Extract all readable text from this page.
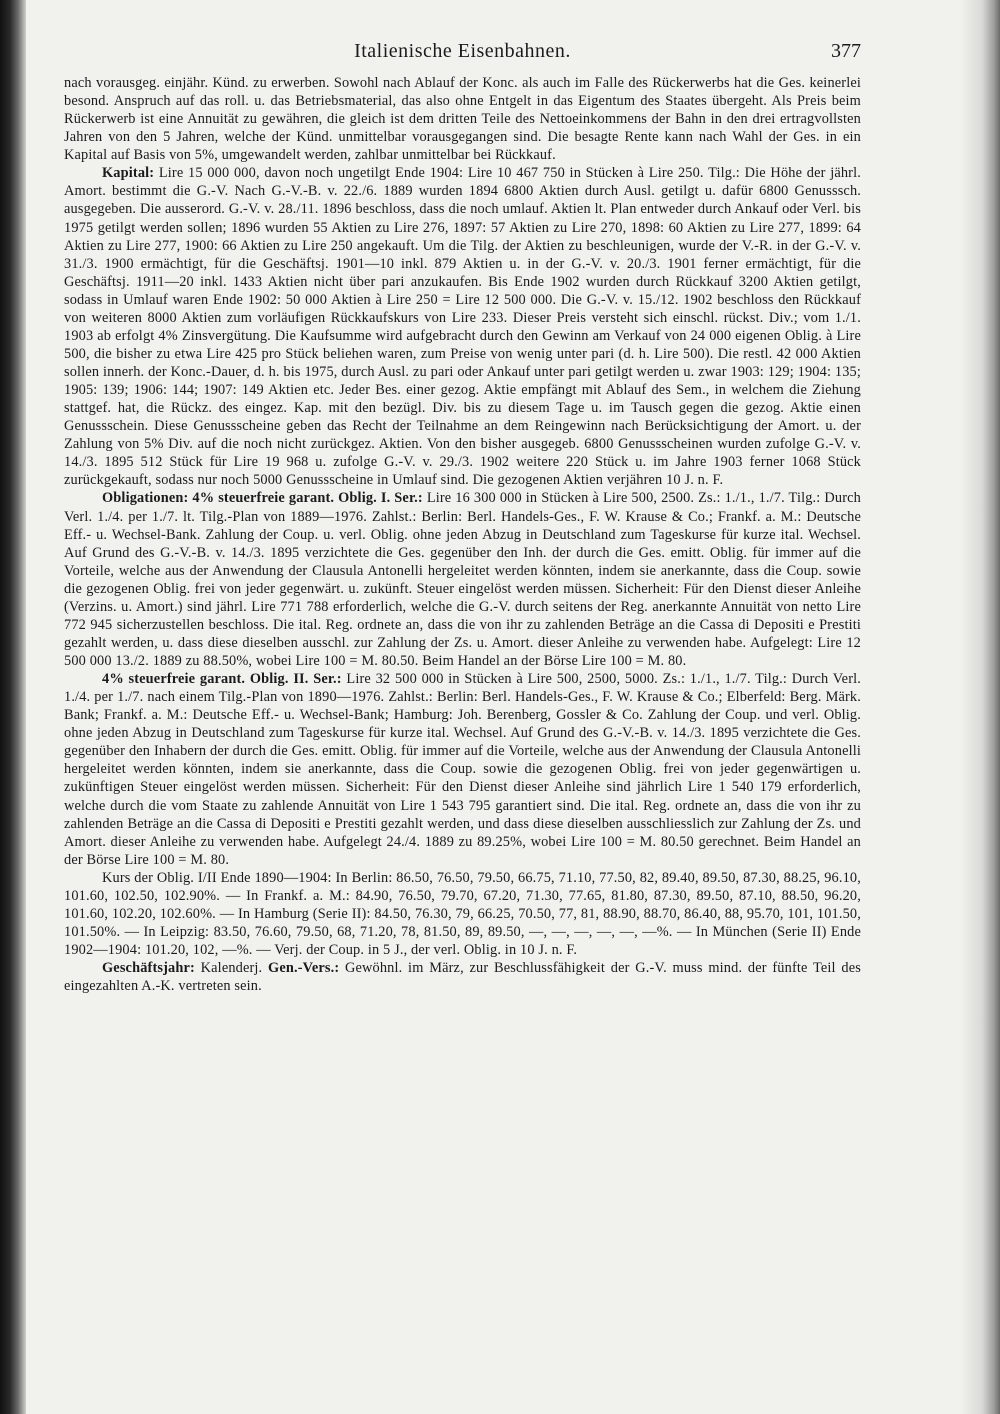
Italienische Eisenbahnen.	377

nach vorausgeg. einjähr. Künd. zu erwerben. Sowohl nach Ablauf der Konc. als auch im Falle des Rückerwerbs hat die Ges. keinerlei besond. Anspruch auf das roll. u. das Betriebsmaterial, das also ohne Entgelt in das Eigentum des Staates übergeht. Als Preis beim Rückerwerb ist eine Annuität zu gewähren, die gleich ist dem dritten Teile des Nettoeinkommens der Bahn in den drei ertragvollsten Jahren von den 5 Jahren, welche der Künd. unmittelbar vorausgegangen sind. Die besagte Rente kann nach Wahl der Ges. in ein Kapital auf Basis von 5%, umgewandelt werden, zahlbar unmittelbar bei Rückkauf.

Kapital: Lire 15 000 000, davon noch ungetilgt Ende 1904: Lire 10 467 750 in Stücken à Lire 250. Tilg.: Die Höhe der jährl. Amort. bestimmt die G.-V. Nach G.-V.-B. v. 22./6. 1889 wurden 1894 6800 Aktien durch Ausl. getilgt u. dafür 6800 Genusssch. ausgegeben. Die ausserord. G.-V. v. 28./11. 1896 beschloss, dass die noch umlauf. Aktien lt. Plan entweder durch Ankauf oder Verl. bis 1975 getilgt werden sollen; 1896 wurden 55 Aktien zu Lire 276, 1897: 57 Aktien zu Lire 270, 1898: 60 Aktien zu Lire 277, 1899: 64 Aktien zu Lire 277, 1900: 66 Aktien zu Lire 250 angekauft. Um die Tilg. der Aktien zu beschleunigen, wurde der V.-R. in der G.-V. v. 31./3. 1900 ermächtigt, für die Geschäftsj. 1901—10 inkl. 879 Aktien u. in der G.-V. v. 20./3. 1901 ferner ermächtigt, für die Geschäftsj. 1911—20 inkl. 1433 Aktien nicht über pari anzukaufen. Bis Ende 1902 wurden durch Rückkauf 3200 Aktien getilgt, sodass in Umlauf waren Ende 1902: 50 000 Aktien à Lire 250 = Lire 12 500 000. Die G.-V. v. 15./12. 1902 beschloss den Rückkauf von weiteren 8000 Aktien zum vorläufigen Rückkaufskurs von Lire 233. Dieser Preis versteht sich einschl. rückst. Div.; vom 1./1. 1903 ab erfolgt 4% Zinsvergütung. Die Kaufsumme wird aufgebracht durch den Gewinn am Verkauf von 24 000 eigenen Oblig. à Lire 500, die bisher zu etwa Lire 425 pro Stück beliehen waren, zum Preise von wenig unter pari (d. h. Lire 500). Die restl. 42 000 Aktien sollen innerh. der Konc.-Dauer, d. h. bis 1975, durch Ausl. zu pari oder Ankauf unter pari getilgt werden u. zwar 1903: 129; 1904: 135; 1905: 139; 1906: 144; 1907: 149 Aktien etc. Jeder Bes. einer gezog. Aktie empfängt mit Ablauf des Sem., in welchem die Ziehung stattgef. hat, die Rückz. des eingez. Kap. mit den bezügl. Div. bis zu diesem Tage u. im Tausch gegen die gezog. Aktie einen Genussschein. Diese Genussscheine geben das Recht der Teilnahme an dem Reingewinn nach Berücksichtigung der Amort. u. der Zahlung von 5% Div. auf die noch nicht zurückgez. Aktien. Von den bisher ausgegeb. 6800 Genussscheinen wurden zufolge G.-V. v. 14./3. 1895 512 Stück für Lire 19 968 u. zufolge G.-V. v. 29./3. 1902 weitere 220 Stück u. im Jahre 1903 ferner 1068 Stück zurückgekauft, sodass nur noch 5000 Genussscheine in Umlauf sind. Die gezogenen Aktien verjähren 10 J. n. F.

Obligationen: 4% steuerfreie garant. Oblig. I. Ser.: Lire 16 300 000 in Stücken à Lire 500, 2500. Zs.: 1./1., 1./7. Tilg.: Durch Verl. 1./4. per 1./7. lt. Tilg.-Plan von 1889—1976. Zahlst.: Berlin: Berl. Handels-Ges., F. W. Krause & Co.; Frankf. a. M.: Deutsche Eff.- u. Wechsel-Bank. Zahlung der Coup. u. verl. Oblig. ohne jeden Abzug in Deutschland zum Tageskurse für kurze ital. Wechsel. Auf Grund des G.-V.-B. v. 14./3. 1895 verzichtete die Ges. gegenüber den Inh. der durch die Ges. emitt. Oblig. für immer auf die Vorteile, welche aus der Anwendung der Clausula Antonelli hergeleitet werden könnten, indem sie anerkannte, dass die Coup. sowie die gezogenen Oblig. frei von jeder gegenwärt. u. zukünft. Steuer eingelöst werden müssen. Sicherheit: Für den Dienst dieser Anleihe (Verzins. u. Amort.) sind jährl. Lire 771 788 erforderlich, welche die G.-V. durch seitens der Reg. anerkannte Annuität von netto Lire 772 945 sicherzustellen beschloss. Die ital. Reg. ordnete an, dass die von ihr zu zahlenden Beträge an die Cassa di Depositi e Prestiti gezahlt werden, u. dass diese dieselben ausschl. zur Zahlung der Zs. u. Amort. dieser Anleihe zu verwenden habe. Aufgelegt: Lire 12 500 000 13./2. 1889 zu 88.50%, wobei Lire 100 = M. 80.50. Beim Handel an der Börse Lire 100 = M. 80.

4% steuerfreie garant. Oblig. II. Ser.: Lire 32 500 000 in Stücken à Lire 500, 2500, 5000. Zs.: 1./1., 1./7. Tilg.: Durch Verl. 1./4. per 1./7. nach einem Tilg.-Plan von 1890—1976. Zahlst.: Berlin: Berl. Handels-Ges., F. W. Krause & Co.; Elberfeld: Berg. Märk. Bank; Frankf. a. M.: Deutsche Eff.- u. Wechsel-Bank; Hamburg: Joh. Berenberg, Gossler & Co. Zahlung der Coup. und verl. Oblig. ohne jeden Abzug in Deutschland zum Tageskurse für kurze ital. Wechsel. Auf Grund des G.-V.-B. v. 14./3. 1895 verzichtete die Ges. gegenüber den Inhabern der durch die Ges. emitt. Oblig. für immer auf die Vorteile, welche aus der Anwendung der Clausula Antonelli hergeleitet werden könnten, indem sie anerkannte, dass die Coup. sowie die gezogenen Oblig. frei von jeder gegenwärtigen u. zukünftigen Steuer eingelöst werden müssen. Sicherheit: Für den Dienst dieser Anleihe sind jährlich Lire 1 540 179 erforderlich, welche durch die vom Staate zu zahlende Annuität von Lire 1 543 795 garantiert sind. Die ital. Reg. ordnete an, dass die von ihr zu zahlenden Beträge an die Cassa di Depositi e Prestiti gezahlt werden, und dass diese dieselben ausschliesslich zur Zahlung der Zs. und Amort. dieser Anleihe zu verwenden habe. Aufgelegt 24./4. 1889 zu 89.25%, wobei Lire 100 = M. 80.50 gerechnet. Beim Handel an der Börse Lire 100 = M. 80.

Kurs der Oblig. I/II Ende 1890—1904: In Berlin: 86.50, 76.50, 79.50, 66.75, 71.10, 77.50, 82, 89.40, 89.50, 87.30, 88.25, 96.10, 101.60, 102.50, 102.90%. — In Frankf. a. M.: 84.90, 76.50, 79.70, 67.20, 71.30, 77.65, 81.80, 87.30, 89.50, 87.10, 88.50, 96.20, 101.60, 102.20, 102.60%. — In Hamburg (Serie II): 84.50, 76.30, 79, 66.25, 70.50, 77, 81, 88.90, 88.70, 86.40, 88, 95.70, 101, 101.50, 101.50%. — In Leipzig: 83.50, 76.60, 79.50, 68, 71.20, 78, 81.50, 89, 89.50, —, —, —, —, —, —%. — In München (Serie II) Ende 1902—1904: 101.20, 102, —%. — Verj. der Coup. in 5 J., der verl. Oblig. in 10 J. n. F.

Geschäftsjahr: Kalenderj. Gen.-Vers.: Gewöhnl. im März, zur Beschlussfähigkeit der G.-V. muss mind. der fünfte Teil des eingezahlten A.-K. vertreten sein.
